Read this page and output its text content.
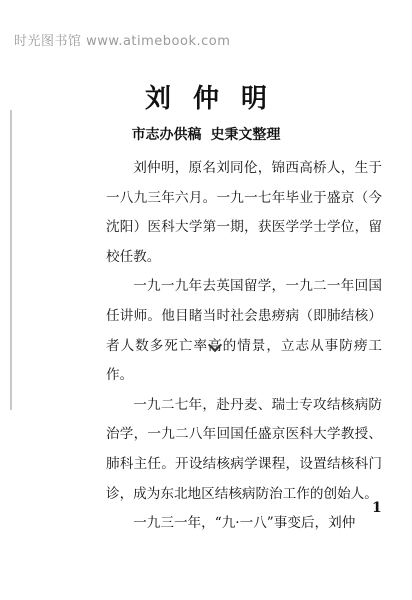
时光图书馆 www.atimebook.com
刘仲明
市志办供稿 史秉文整理

刘仲明，原名刘同伦，锦西高桥人，生于一八九三年六月。一九一七年毕业于盛京（今沈阳）医科大学第一期，获医学学士学位，留校任教。

一九一九年去英国留学，一九二一年回国任讲师。他目睹当时社会患痨病（即肺结核）者人数多死亡率高的情景，立志从事防痨工作。

一九二七年，赴丹麦、瑞士专攻结核病防治学，一九二八年回国任盛京医科大学教授、肺科主任。开设结核病学课程，设置结核科门诊，成为东北地区结核病防治工作的创始人。

一九三一年，“九·一八”事变后，刘仲

1
